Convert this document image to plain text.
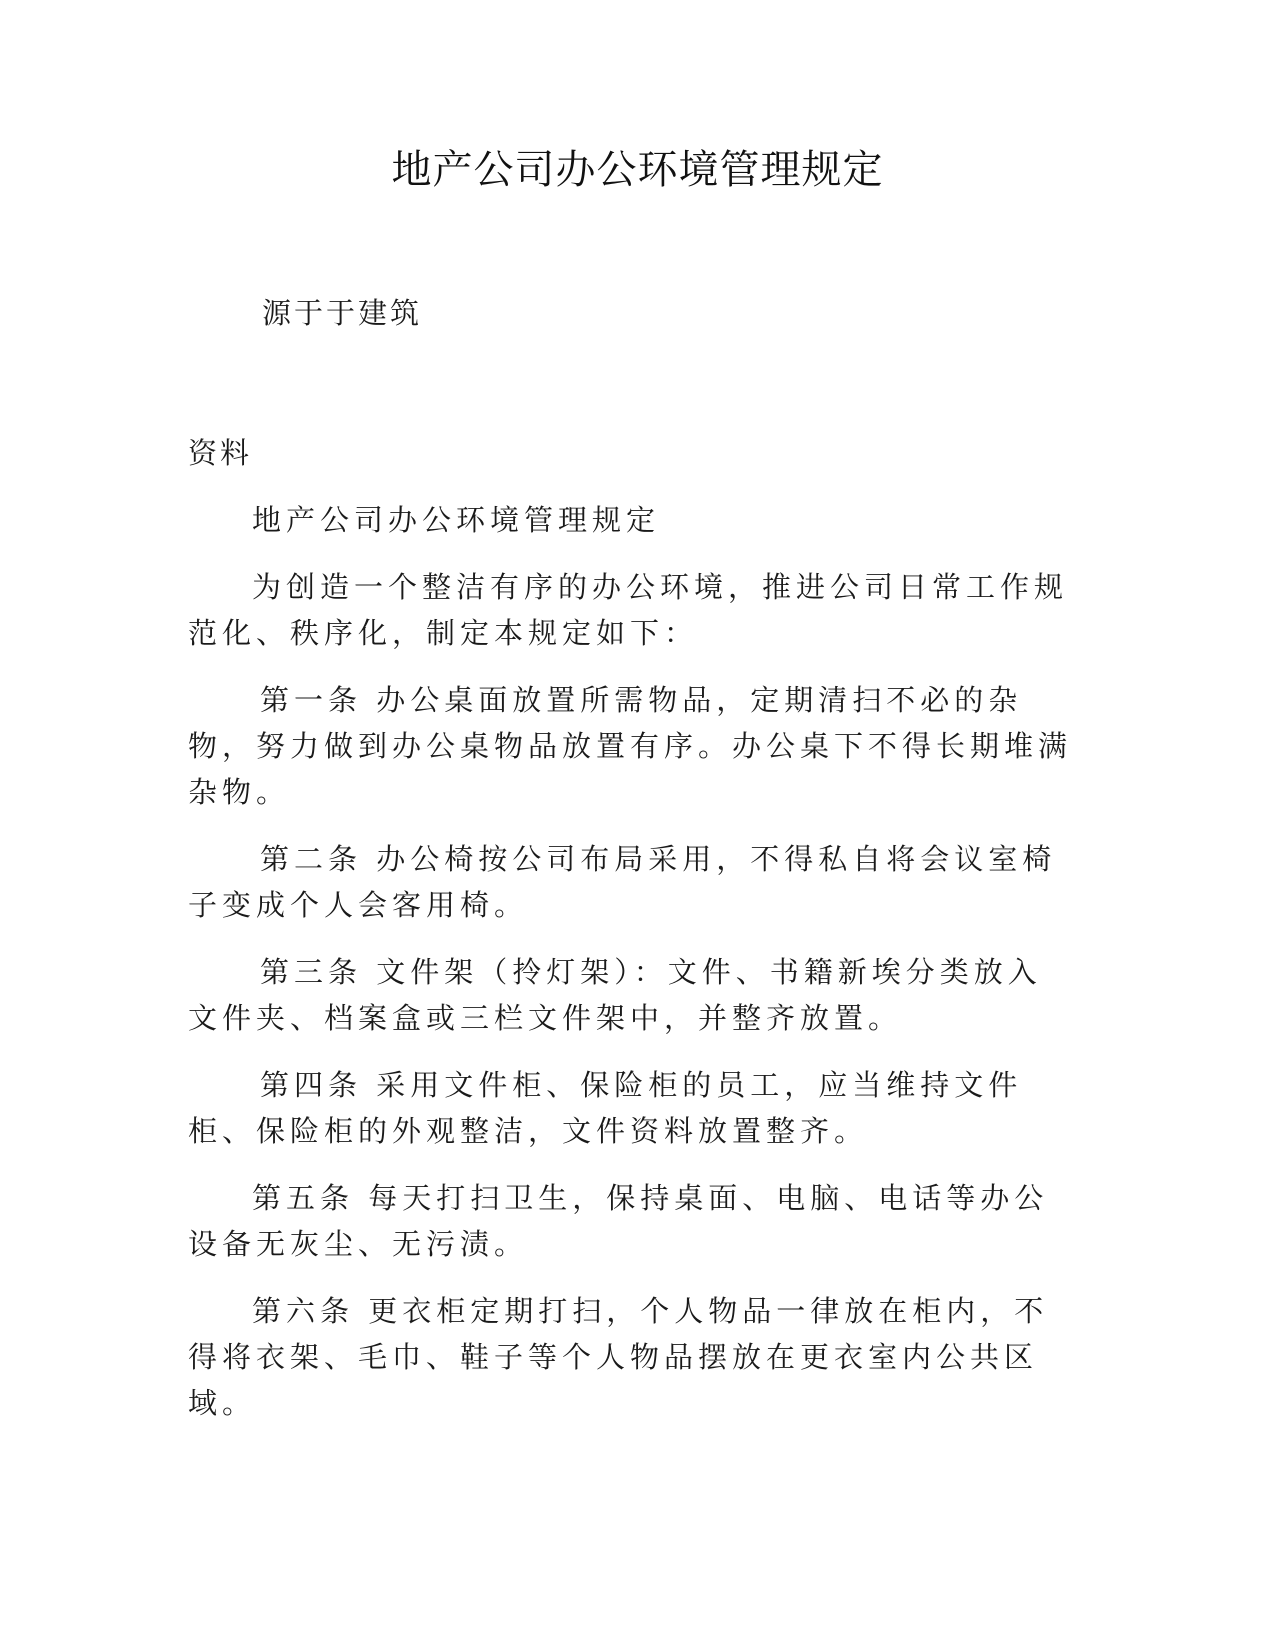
地产公司办公环境管理规定
源于于建筑
资料

地产公司办公环境管理规定

为创造一个整洁有序的办公环境，推进公司日常工作规范化、秩序化，制定本规定如下：

第一条 办公桌面放置所需物品，定期清扫不必的杂物，努力做到办公桌物品放置有序。办公桌下不得长期堆满杂物。

第二条 办公椅按公司布局采用，不得私自将会议室椅子变成个人会客用椅。

第三条 文件架（拎灯架）：文件、书籍新埃分类放入文件夹、档案盒或三栏文件架中，并整齐放置。

第四条 采用文件柜、保险柜的员工，应当维持文件柜、保险柜的外观整洁，文件资料放置整齐。

第五条 每天打扫卫生，保持桌面、电脑、电话等办公设备无灰尘、无污渍。

第六条 更衣柜定期打扫，个人物品一律放在柜内，不得将衣架、毛巾、鞋子等个人物品摆放在更衣室内公共区域。
